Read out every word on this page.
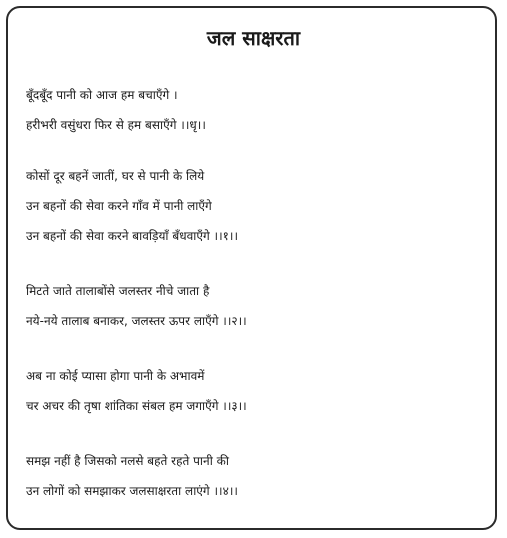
जल साक्षरता
बूँदबूँद पानी को आज हम बचाएँगे ।
हरीभरी वसुंधरा फिर से हम बसाएँगे ।।धृ।।
कोसों दूर बहनें जातीं, घर से पानी के लिये
उन बहनों की सेवा करने गाँव में पानी लाएँगे
उन बहनों की सेवा करने बावड़ियाँ बँधवाएँगे ।।१।।
मिटते जाते तालाबोंसे जलस्तर नीचे जाता है
नये-नये तालाब बनाकर, जलस्तर ऊपर लाएँगे ।।२।।
अब ना कोई प्यासा होगा पानी के अभावमें
चर अचर की तृषा शांतिका संबल हम जगाएँगे ।।३।।
समझ नहीं है जिसको नलसे बहते रहते पानी की
उन लोगों को समझाकर जलसाक्षरता लाएंगे ।।४।।
